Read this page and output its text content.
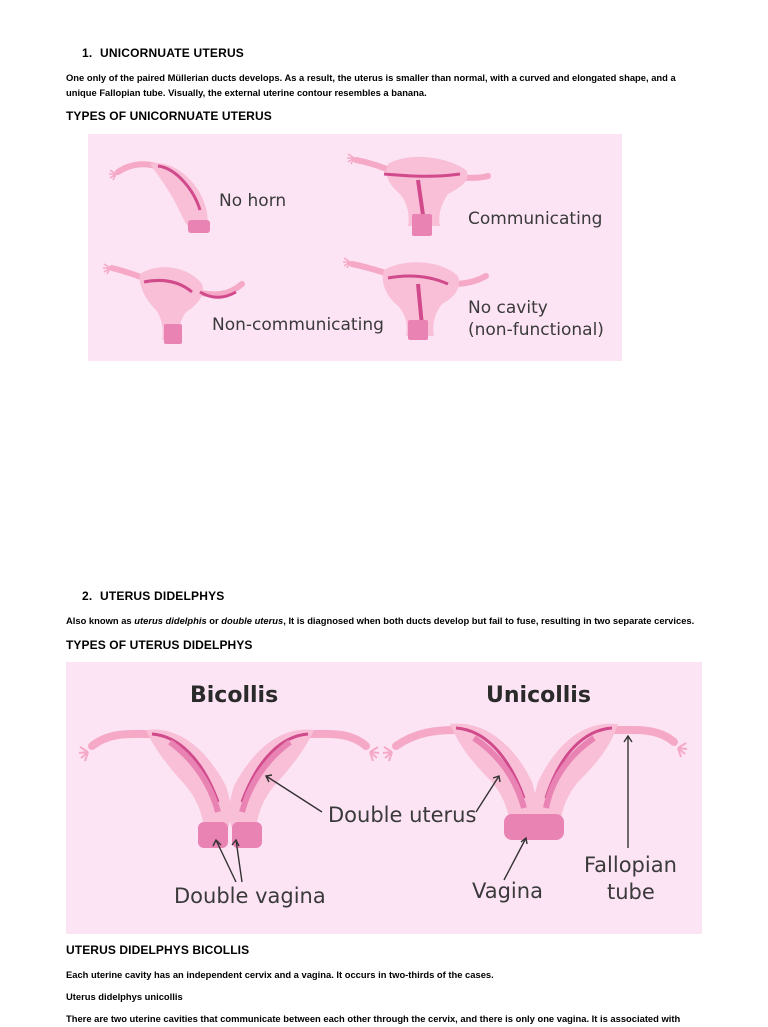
1. UNICORNUATE UTERUS
One only of the paired Müllerian ducts develops. As a result, the uterus is smaller than normal, with a curved and elongated shape, and a unique Fallopian tube. Visually, the external uterine contour resembles a banana.
TYPES OF UNICORNUATE UTERUS
No horn
Communicating
Non-communicating
No cavity
(non-functional)
2. UTERUS DIDELPHYS
Also known as uterus didelphis or double uterus, It is diagnosed when both ducts develop but fail to fuse, resulting in two separate cervices.
TYPES OF UTERUS DIDELPHYS
Bicollis	Unicollis
Double uterus
Double vagina	Vagina
Fallopian
tube
UTERUS DIDELPHYS BICOLLIS
Each uterine cavity has an independent cervix and a vagina. It occurs in two-thirds of the cases.
Uterus didelphys unicollis
There are two uterine cavities that communicate between each other through the cervix, and there is only one vagina. It is associated with
